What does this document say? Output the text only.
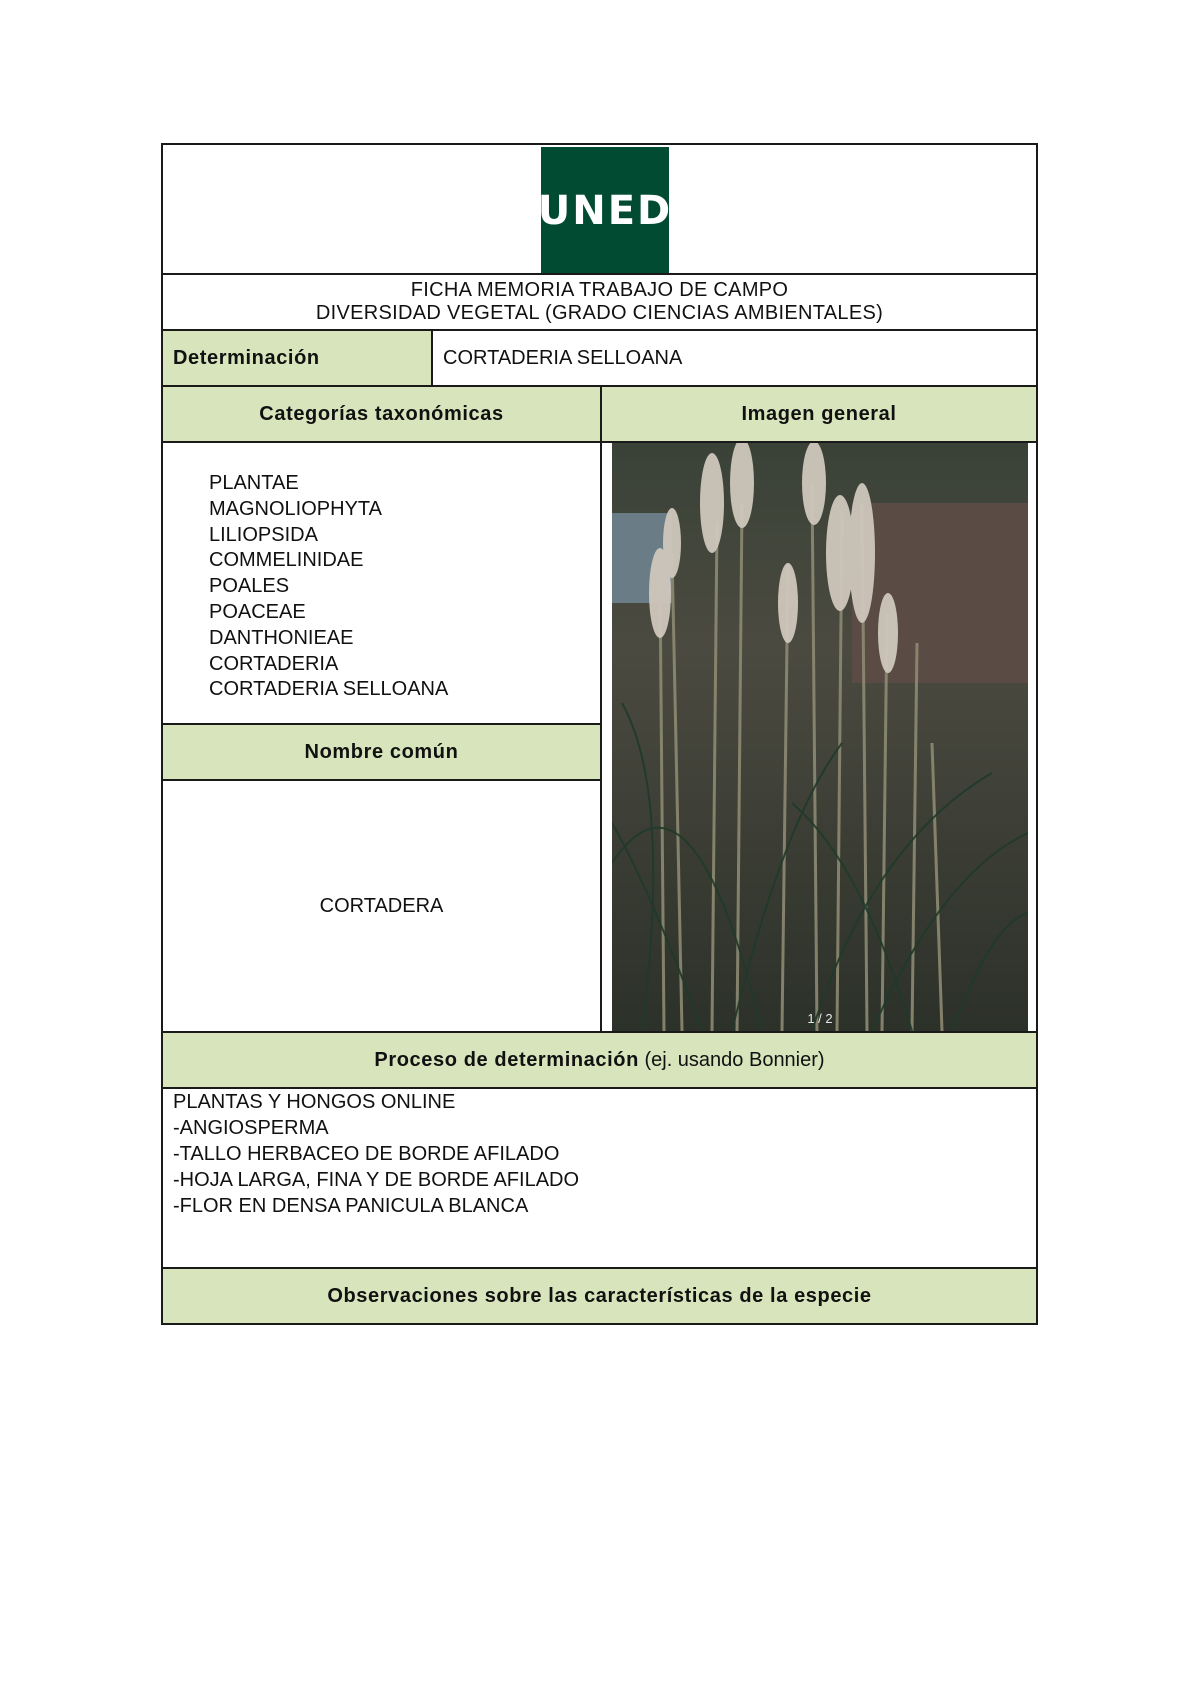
UNED
FICHA MEMORIA TRABAJO DE CAMPO
DIVERSIDAD VEGETAL (GRADO CIENCIAS AMBIENTALES)
Determinación	CORTADERIA SELLOANA
Categorías taxonómicas	Imagen general
PLANTAE
MAGNOLIOPHYTA
LILIOPSIDA
COMMELINIDAE
POALES
POACEAE
DANTHONIEAE
CORTADERIA
CORTADERIA SELLOANA
Nombre común
CORTADERA
1 / 2
Proceso de determinación (ej. usando Bonnier)
PLANTAS Y HONGOS ONLINE
-ANGIOSPERMA
-TALLO HERBACEO DE BORDE AFILADO
-HOJA LARGA, FINA Y DE BORDE AFILADO
-FLOR EN DENSA PANICULA BLANCA
Observaciones sobre las características de la especie
